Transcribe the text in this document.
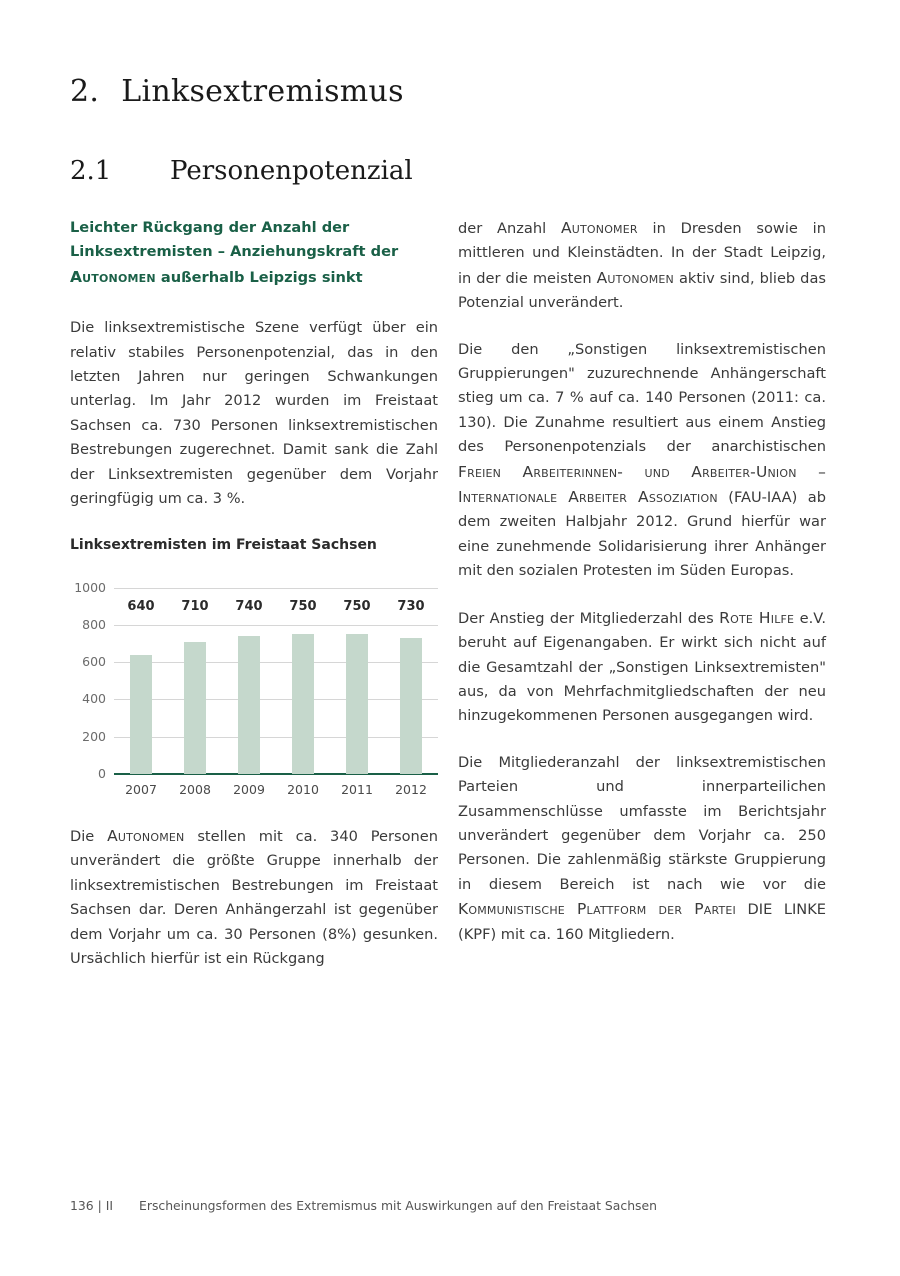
2. Linksextremismus
2.1 Personenpotenzial
Leichter Rückgang der Anzahl der
Linksextremisten – Anziehungskraft der
Autonomen außerhalb Leipzigs sinkt

Die linksextremistische Szene verfügt über ein relativ stabiles Personenpotenzial, das in den letzten Jahren nur geringen Schwankungen unterlag. Im Jahr 2012 wurden im Freistaat Sachsen ca. 730 Personen linksextremistischen Bestrebungen zugerechnet. Damit sank die Zahl der Linksextremisten gegenüber dem Vorjahr geringfügig um ca. 3 %.

Linksextremisten im Freistaat Sachsen
1000
800
600
400
200
0
640	710	740	750	750	730
2007	2008	2009	2010	2011	2012

Die Autonomen stellen mit ca. 340 Personen unverändert die größte Gruppe innerhalb der linksextremistischen Bestrebungen im Freistaat Sachsen dar. Deren Anhängerzahl ist gegenüber dem Vorjahr um ca. 30 Personen (8%) gesunken. Ursächlich hierfür ist ein Rückgang

der Anzahl Autonomer in Dresden sowie in mittleren und Kleinstädten. In der Stadt Leipzig, in der die meisten Autonomen aktiv sind, blieb das Potenzial unverändert.

Die den „Sonstigen linksextremistischen Gruppierungen" zuzurechnende Anhängerschaft stieg um ca. 7 % auf ca. 140 Personen (2011: ca. 130). Die Zunahme resultiert aus einem Anstieg des Personenpotenzials der anarchistischen Freien Arbeiterinnen- und Arbeiter-Union – Internationale Arbeiter Assoziation (FAU-IAA) ab dem zweiten Halbjahr 2012. Grund hierfür war eine zunehmende Solidarisierung ihrer Anhänger mit den sozialen Protesten im Süden Europas.

Der Anstieg der Mitgliederzahl des Rote Hilfe e.V. beruht auf Eigenangaben. Er wirkt sich nicht auf die Gesamtzahl der „Sonstigen Linksextremisten" aus, da von Mehrfachmitgliedschaften der neu hinzugekommenen Personen ausgegangen wird.

Die Mitgliederanzahl der linksextremistischen Parteien und innerparteilichen Zusammenschlüsse umfasste im Berichtsjahr unverändert gegenüber dem Vorjahr ca. 250 Personen. Die zahlenmäßig stärkste Gruppierung in diesem Bereich ist nach wie vor die Kommunistische Plattform der Partei DIE LINKE (KPF) mit ca. 160 Mitgliedern.

136 | II Erscheinungsformen des Extremismus mit Auswirkungen auf den Freistaat Sachsen
